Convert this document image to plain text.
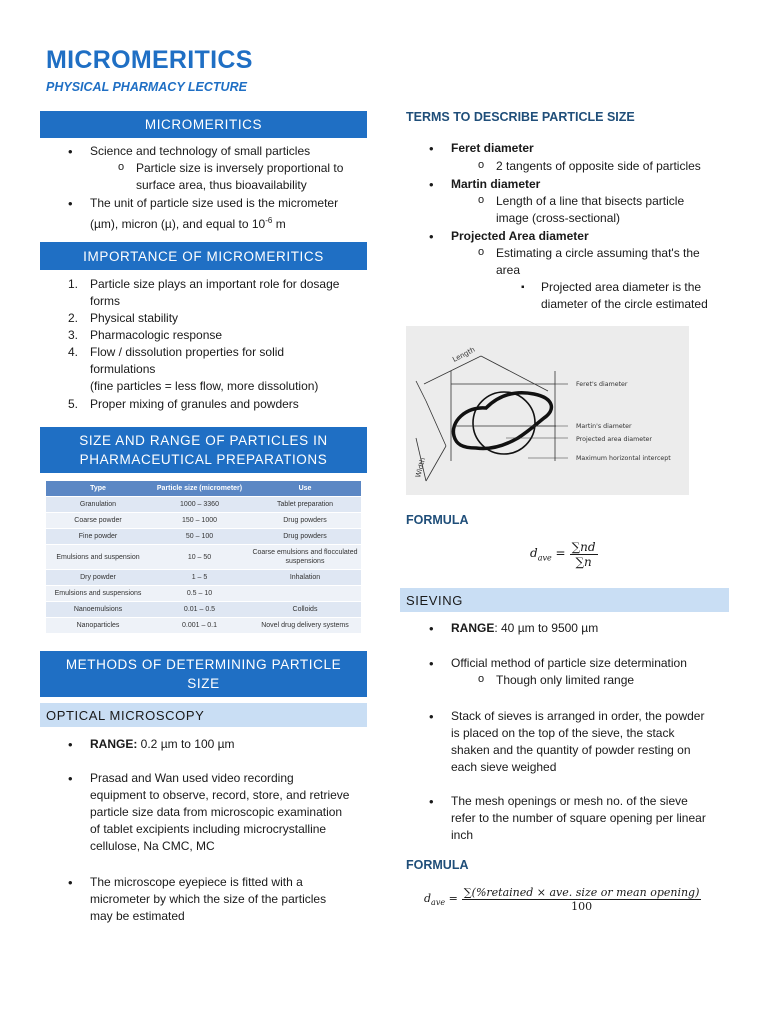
MICROMERITICS
PHYSICAL PHARMACY LECTURE
MICROMERITICS
• Science and technology of small particles
o Particle size is inversely proportional to
surface area, thus bioavailability
• The unit of particle size used is the micrometer
(µm), micron (µ), and equal to $10^{-6}$ m
IMPORTANCE OF MICROMERITICS
1. Particle size plays an important role for dosage
forms
2. Physical stability
3. Pharmacologic response
4. Flow / dissolution properties for solid
formulations
(fine particles = less flow, more dissolution)
5. Proper mixing of granules and powders
SIZE AND RANGE OF PARTICLES IN
PHARMACEUTICAL PREPARATIONS
Type	Particle size (micrometer)	Use
Granulation	1000 – 3360	Tablet preparation
Coarse powder	150 – 1000	Drug powders
Fine powder	50 – 100	Drug powders
Emulsions and suspension	10 – 50	Coarse emulsions and flocculated suspensions
Dry powder	1 – 5	Inhalation
Emulsions and suspensions	0.5 – 10	
Nanoemulsions	0.01 – 0.5	Colloids
Nanoparticles	0.001 – 0.1	Novel drug delivery systems
METHODS OF DETERMINING PARTICLE
SIZE
OPTICAL MICROSCOPY
• RANGE: 0.2 µm to 100 µm
• Prasad and Wan used video recording
equipment to observe, record, store, and retrieve
particle size data from microscopic examination
of tablet excipients including microcrystalline
cellulose, Na CMC, MC
• The microscope eyepiece is fitted with a
micrometer by which the size of the particles
may be estimated
TERMS TO DESCRIBE PARTICLE SIZE
• Feret diameter
o 2 tangents of opposite side of particles
• Martin diameter
o Length of a line that bisects particle
image (cross-sectional)
• Projected Area diameter
o Estimating a circle assuming that's the
area
▪ Projected area diameter is the
diameter of the circle estimated
Length
Width
Feret's diameter
Martin's diameter
Projected area diameter
Maximum horizontal intercept
FORMULA
$d_{ave} = \frac{\sum nd}{\sum n}$
SIEVING
• RANGE: 40 µm to 9500 µm
• Official method of particle size determination
o Though only limited range
• Stack of sieves is arranged in order, the powder
is placed on the top of the sieve, the stack
shaken and the quantity of powder resting on
each sieve weighed
• The mesh openings or mesh no. of the sieve
refer to the number of square opening per linear
inch
FORMULA
$d_{ave}$ = ∑(%retained × ave. size or mean opening)
100
